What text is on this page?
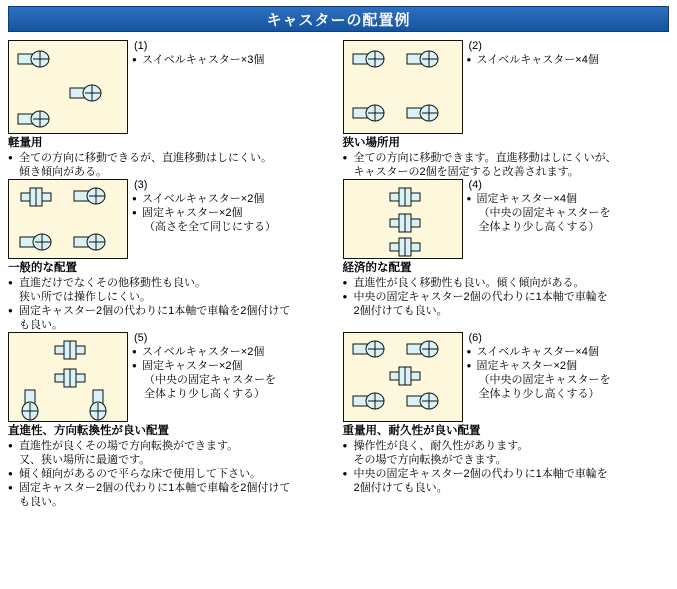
キャスターの配置例
(1)
● スイベルキャスター×3個
軽量用
● 全ての方向に移動できるが、直進移動はしにくい。
傾き傾向がある。
(2)
● スイベルキャスター×4個
狭い場所用
● 全ての方向に移動できます。直進移動はしにくいが、
キャスターの2個を固定すると改善されます。
(3)
● スイベルキャスター×2個
● 固定キャスター×2個
（高さを全て同じにする）
一般的な配置
● 直進だけでなくその他移動性も良い。
狭い所では操作しにくい。
● 固定キャスター2個の代わりに1本軸で車輪を2個付けて
も良い。
(4)
● 固定キャスター×4個
（中央の固定キャスターを
全体より少し高くする）
経済的な配置
● 直進性が良く移動性も良い。傾く傾向がある。
● 中央の固定キャスター2個の代わりに1本軸で車輪を
2個付けても良い。
(5)
● スイベルキャスター×2個
● 固定キャスター×2個
（中央の固定キャスターを
全体より少し高くする）
直進性、方向転換性が良い配置
● 直進性が良くその場で方向転換ができます。
又、狭い場所に最適です。
● 傾く傾向があるので平らな床で使用して下さい。
● 固定キャスター2個の代わりに1本軸で車輪を2個付けて
も良い。
(6)
● スイベルキャスター×4個
● 固定キャスター×2個
（中央の固定キャスターを
全体より少し高くする）
重量用、耐久性が良い配置
● 操作性が良く、耐久性があります。
その場で方向転換ができます。
● 中央の固定キャスター2個の代わりに1本軸で車輪を
2個付けても良い。
